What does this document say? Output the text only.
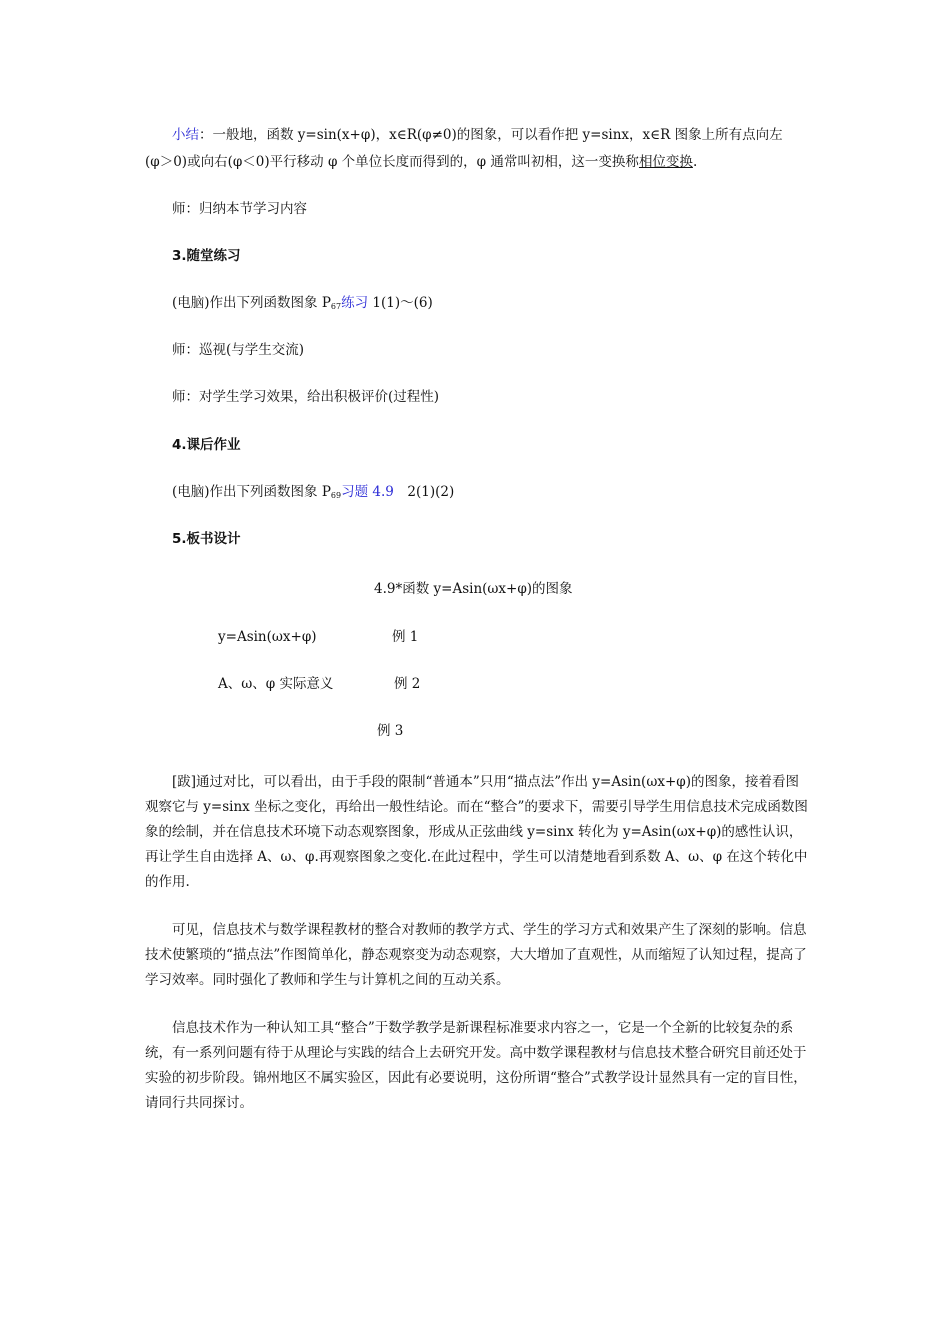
小结：一般地，函数 y=sin(x+φ)，x∈R(φ≠0)的图象，可以看作把 y=sinx，x∈R 图象上所有点向左
(φ＞0)或向右(φ＜0)平行移动 φ 个单位长度而得到的，φ 通常叫初相，这一变换称相位变换.
师：归纳本节学习内容
3.随堂练习
(电脑)作出下列函数图象 $P_{67}$练习 1(1)～(6)
师：巡视(与学生交流)
师：对学生学习效果，给出积极评价(过程性)
4.课后作业
(电脑)作出下列函数图象 $P_{69}$习题 4.9　2(1)(2)
5.板书设计
4.9*函数 y=Asin(ωx+φ)的图象
y=Asin(ωx+φ)	例 1
A、ω、φ 实际意义	例 2
例 3

[跋]通过对比，可以看出，由于手段的限制“普通本”只用“描点法”作出 y=Asin(ωx+φ)的图象，接着看图观察它与 y=sinx 坐标之变化，再给出一般性结论。而在“整合”的要求下，需要引导学生用信息技术完成函数图象的绘制，并在信息技术环境下动态观察图象，形成从正弦曲线 y=sinx 转化为 y=Asin(ωx+φ)的感性认识，再让学生自由选择 A、ω、φ.再观察图象之变化.在此过程中，学生可以清楚地看到系数 A、ω、φ 在这个转化中的作用.

可见，信息技术与数学课程教材的整合对教师的教学方式、学生的学习方式和效果产生了深刻的影响。信息技术使繁琐的“描点法”作图简单化，静态观察变为动态观察，大大增加了直观性，从而缩短了认知过程，提高了学习效率。同时强化了教师和学生与计算机之间的互动关系。

信息技术作为一种认知工具“整合”于数学教学是新课程标准要求内容之一，它是一个全新的比较复杂的系统，有一系列问题有待于从理论与实践的结合上去研究开发。高中数学课程教材与信息技术整合研究目前还处于实验的初步阶段。锦州地区不属实验区，因此有必要说明，这份所谓“整合”式教学设计显然具有一定的盲目性，请同行共同探讨。
